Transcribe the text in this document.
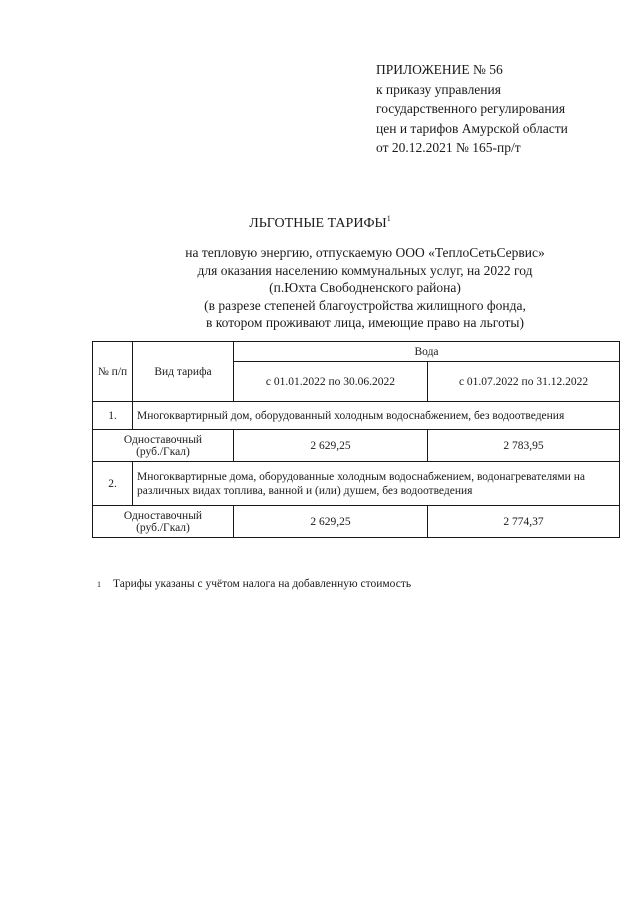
ПРИЛОЖЕНИЕ № 56
к приказу управления
государственного регулирования
цен и тарифов Амурской области
от 20.12.2021 № 165-пр/т
ЛЬГОТНЫЕ ТАРИФЫ$^1$
на тепловую энергию, отпускаемую ООО «ТеплоСетьСервис»
для оказания населению коммунальных услуг, на 2022 год
(п.Юхта Свободненского района)
(в разрезе степеней благоустройства жилищного фонда,
в котором проживают лица, имеющие право на льготы)
№ п/п	Вид тарифа	Вода	
		с 01.01.2022 по 30.06.2022	с 01.07.2022 по 31.12.2022
1.	Многоквартирный дом, оборудованный холодным водоснабжением, без водоотведения		

Одноставочный
(руб./Гкал)		2 629,25	2 783,95
2.	Многоквартирные дома, оборудованные холодным водоснабжением, водонагревателями на различных видах топлива, ванной и (или) душем, без водоотведения		

Одноставочный
(руб./Гкал)		2 629,25	2 774,37
1 Тарифы указаны с учётом налога на добавленную стоимость
